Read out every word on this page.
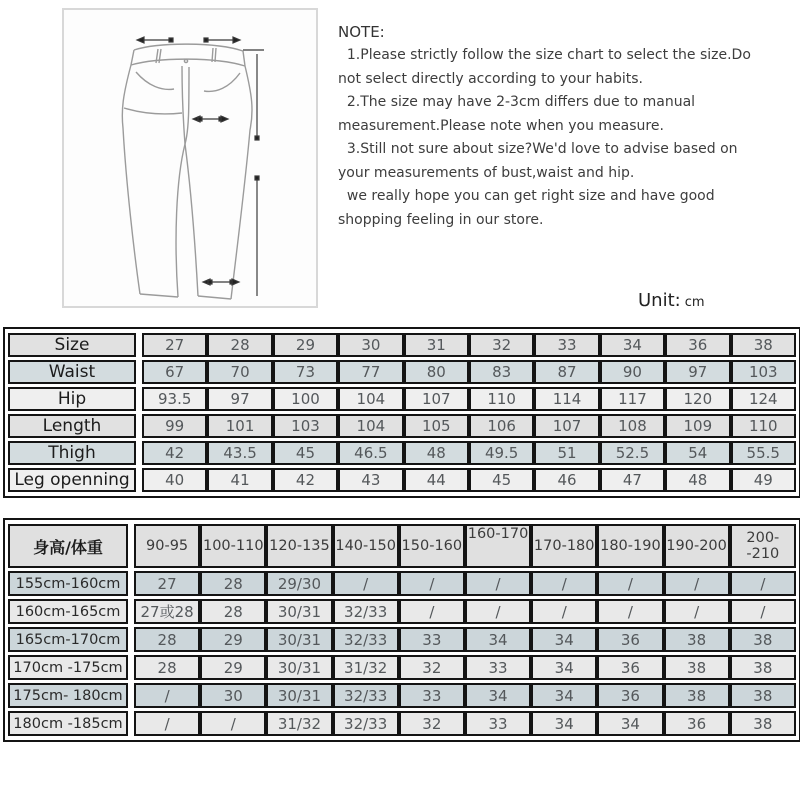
NOTE:
1.Please strictly follow the size chart to select the size.Do
not select directly according to your habits.
2.The size may have 2-3cm differs due to manual
measurement.Please note when you measure.
3.Still not sure about size?We'd love to advise based on
your measurements of bust,waist and hip.
we really hope you can get right size and have good
shopping feeling in our store.
Unit: cm
Size		27	28	29	30	31	32	33	34	36	38
Waist		67	70	73	77	80	83	87	90	97	103
Hip		93.5	97	100	104	107	110	114	117	120	124
Length		99	101	103	104	105	106	107	108	109	110
Thigh		42	43.5	45	46.5	48	49.5	51	52.5	54	55.5
Leg openning		40	41	42	43	44	45	46	47	48	49
身高/体重		90-95	100-110	120-135	140-150	150-160	160-170	170-180	180-190	190-200	200--210
155cm-160cm		27	28	29/30	/	/	/	/	/	/	/
160cm-165cm		27或28	28	30/31	32/33	/	/	/	/	/	/
165cm-170cm		28	29	30/31	32/33	33	34	34	36	38	38
170cm -175cm		28	29	30/31	31/32	32	33	34	36	38	38
175cm- 180cm		/	30	30/31	32/33	33	34	34	36	38	38
180cm -185cm		/	/	31/32	32/33	32	33	34	34	36	38
